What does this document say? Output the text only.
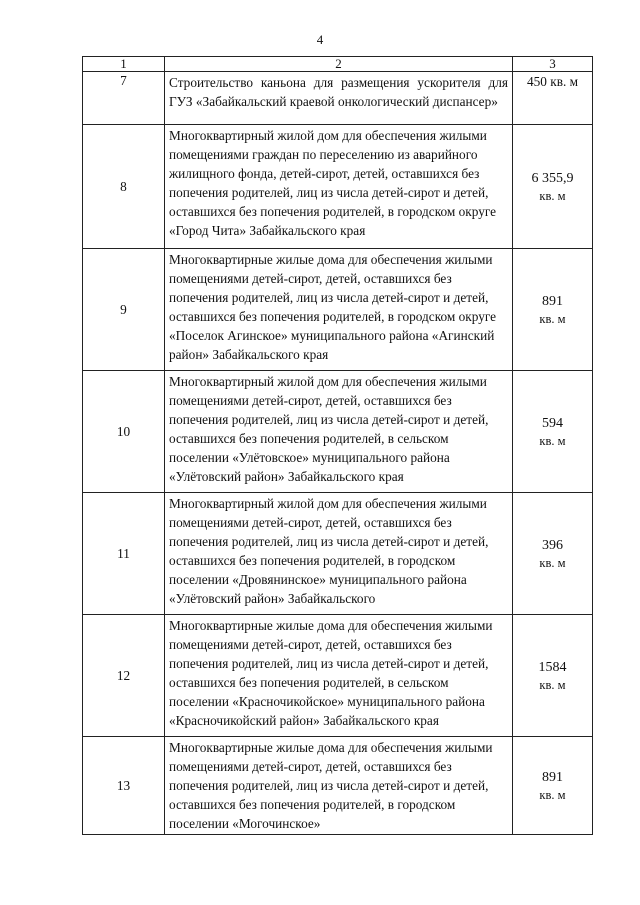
4
1	2	3
7	Строительство каньона для размещения ускорителя для ГУЗ «Забайкальский краевой онкологический диспансер»	450 кв. м
8	Многоквартирный жилой дом для обеспечения жилыми помещениями граждан по переселению из аварийного жилищного фонда, детей-сирот, детей, оставшихся без попечения родителей, лиц из числа детей-сирот и детей, оставшихся без попечения родителей, в городском округе «Город Чита» Забайкальского края	6 355,9
кв. м

9	Многоквартирные жилые дома для обеспечения жилыми помещениями детей-сирот, детей, оставшихся без попечения родителей, лиц из числа детей-сирот и детей, оставшихся без попечения родителей, в городском округе «Поселок Агинское» муниципального района «Агинский район» Забайкальского края	891
кв. м

10	Многоквартирный жилой дом для обеспечения жилыми помещениями детей-сирот, детей, оставшихся без попечения родителей, лиц из числа детей-сирот и детей, оставшихся без попечения родителей, в сельском поселении «Улётовское» муниципального района «Улётовский район» Забайкальского края	594
кв. м

11	Многоквартирный жилой дом для обеспечения жилыми помещениями детей-сирот, детей, оставшихся без попечения родителей, лиц из числа детей-сирот и детей, оставшихся без попечения родителей, в городском поселении «Дровянинское» муниципального района «Улётовский район» Забайкальского	396
кв. м

12	Многоквартирные жилые дома для обеспечения жилыми помещениями детей-сирот, детей, оставшихся без попечения родителей, лиц из числа детей-сирот и детей, оставшихся без попечения родителей, в сельском поселении «Красночикойское» муниципального района «Красночикойский район» Забайкальского края	1584
кв. м

13	Многоквартирные жилые дома для обеспечения жилыми помещениями детей-сирот, детей, оставшихся без попечения родителей, лиц из числа детей-сирот и детей, оставшихся без попечения родителей, в городском поселении «Могочинское»	891
кв. м
